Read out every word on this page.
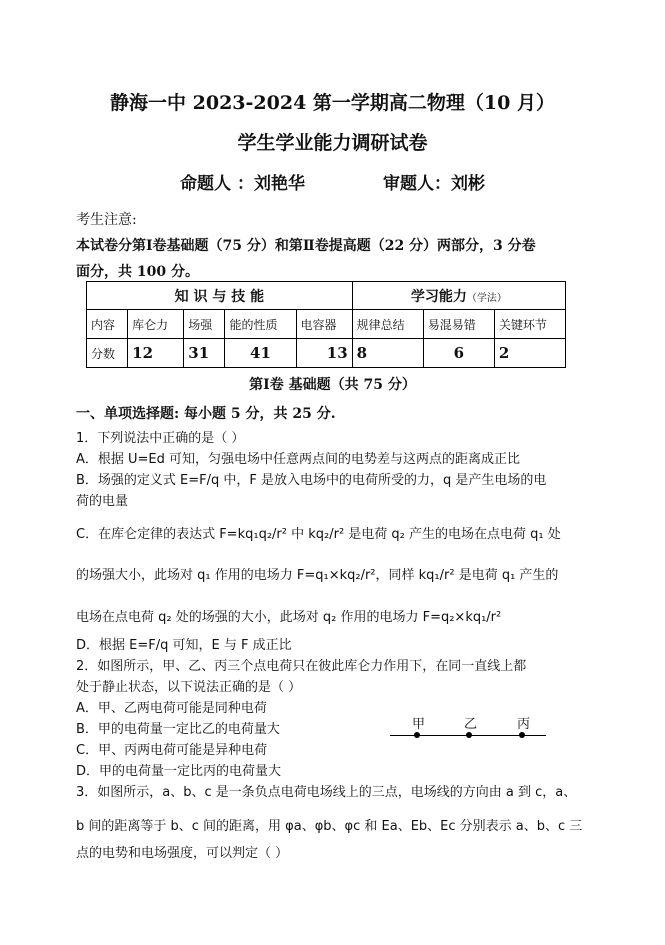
静海一中 2023-2024 第一学期高二物理（10 月）
学生学业能力调研试卷
命题人 ：刘艳华	审题人：刘彬
考生注意:
本试卷分第Ⅰ卷基础题（75 分）和第Ⅱ卷提高题（22 分）两部分，3 分卷
面分，共 100 分。
知 识 与 技 能					学习能力（学法）		
内容	库仑力	场强	能的性质	电容器	规律总结	易混易错	关键环节
分数	12	31	41	13	8	6	2
第Ⅰ卷 基础题（共 75 分）
一、单项选择题: 每小题 5 分，共 25 分.
1．下列说法中正确的是（ ）
A．根据 U=Ed 可知，匀强电场中任意两点间的电势差与这两点的距离成正比
B．场强的定义式 E=F/q 中，F 是放入电场中的电荷所受的力，q 是产生电场的电
荷的电量
C．在库仑定律的表达式 F=kq₁q₂/r² 中 kq₂/r² 是电荷 q₂ 产生的电场在点电荷 q₁ 处
的场强大小，此场对 q₁ 作用的电场力 F=q₁×kq₂/r²，同样 kq₁/r² 是电荷 q₁ 产生的
电场在点电荷 q₂ 处的场强的大小，此场对 q₂ 作用的电场力 F=q₂×kq₁/r²
D．根据 E=F/q 可知，E 与 F 成正比
2．如图所示，甲、乙、丙三个点电荷只在彼此库仑力作用下，在同一直线上都
处于静止状态，以下说法正确的是（ ）
A．甲、乙两电荷可能是同种电荷
B．甲的电荷量一定比乙的电荷量大
C．甲、丙两电荷可能是异种电荷
D．甲的电荷量一定比丙的电荷量大
甲	乙	丙
3．如图所示，a、b、c 是一条负点电荷电场线上的三点，电场线的方向由 a 到 c，a、
b 间的距离等于 b、c 间的距离，用 φa、φb、φc 和 Ea、Eb、Ec 分别表示 a、b、c 三
点的电势和电场强度，可以判定（ ）
